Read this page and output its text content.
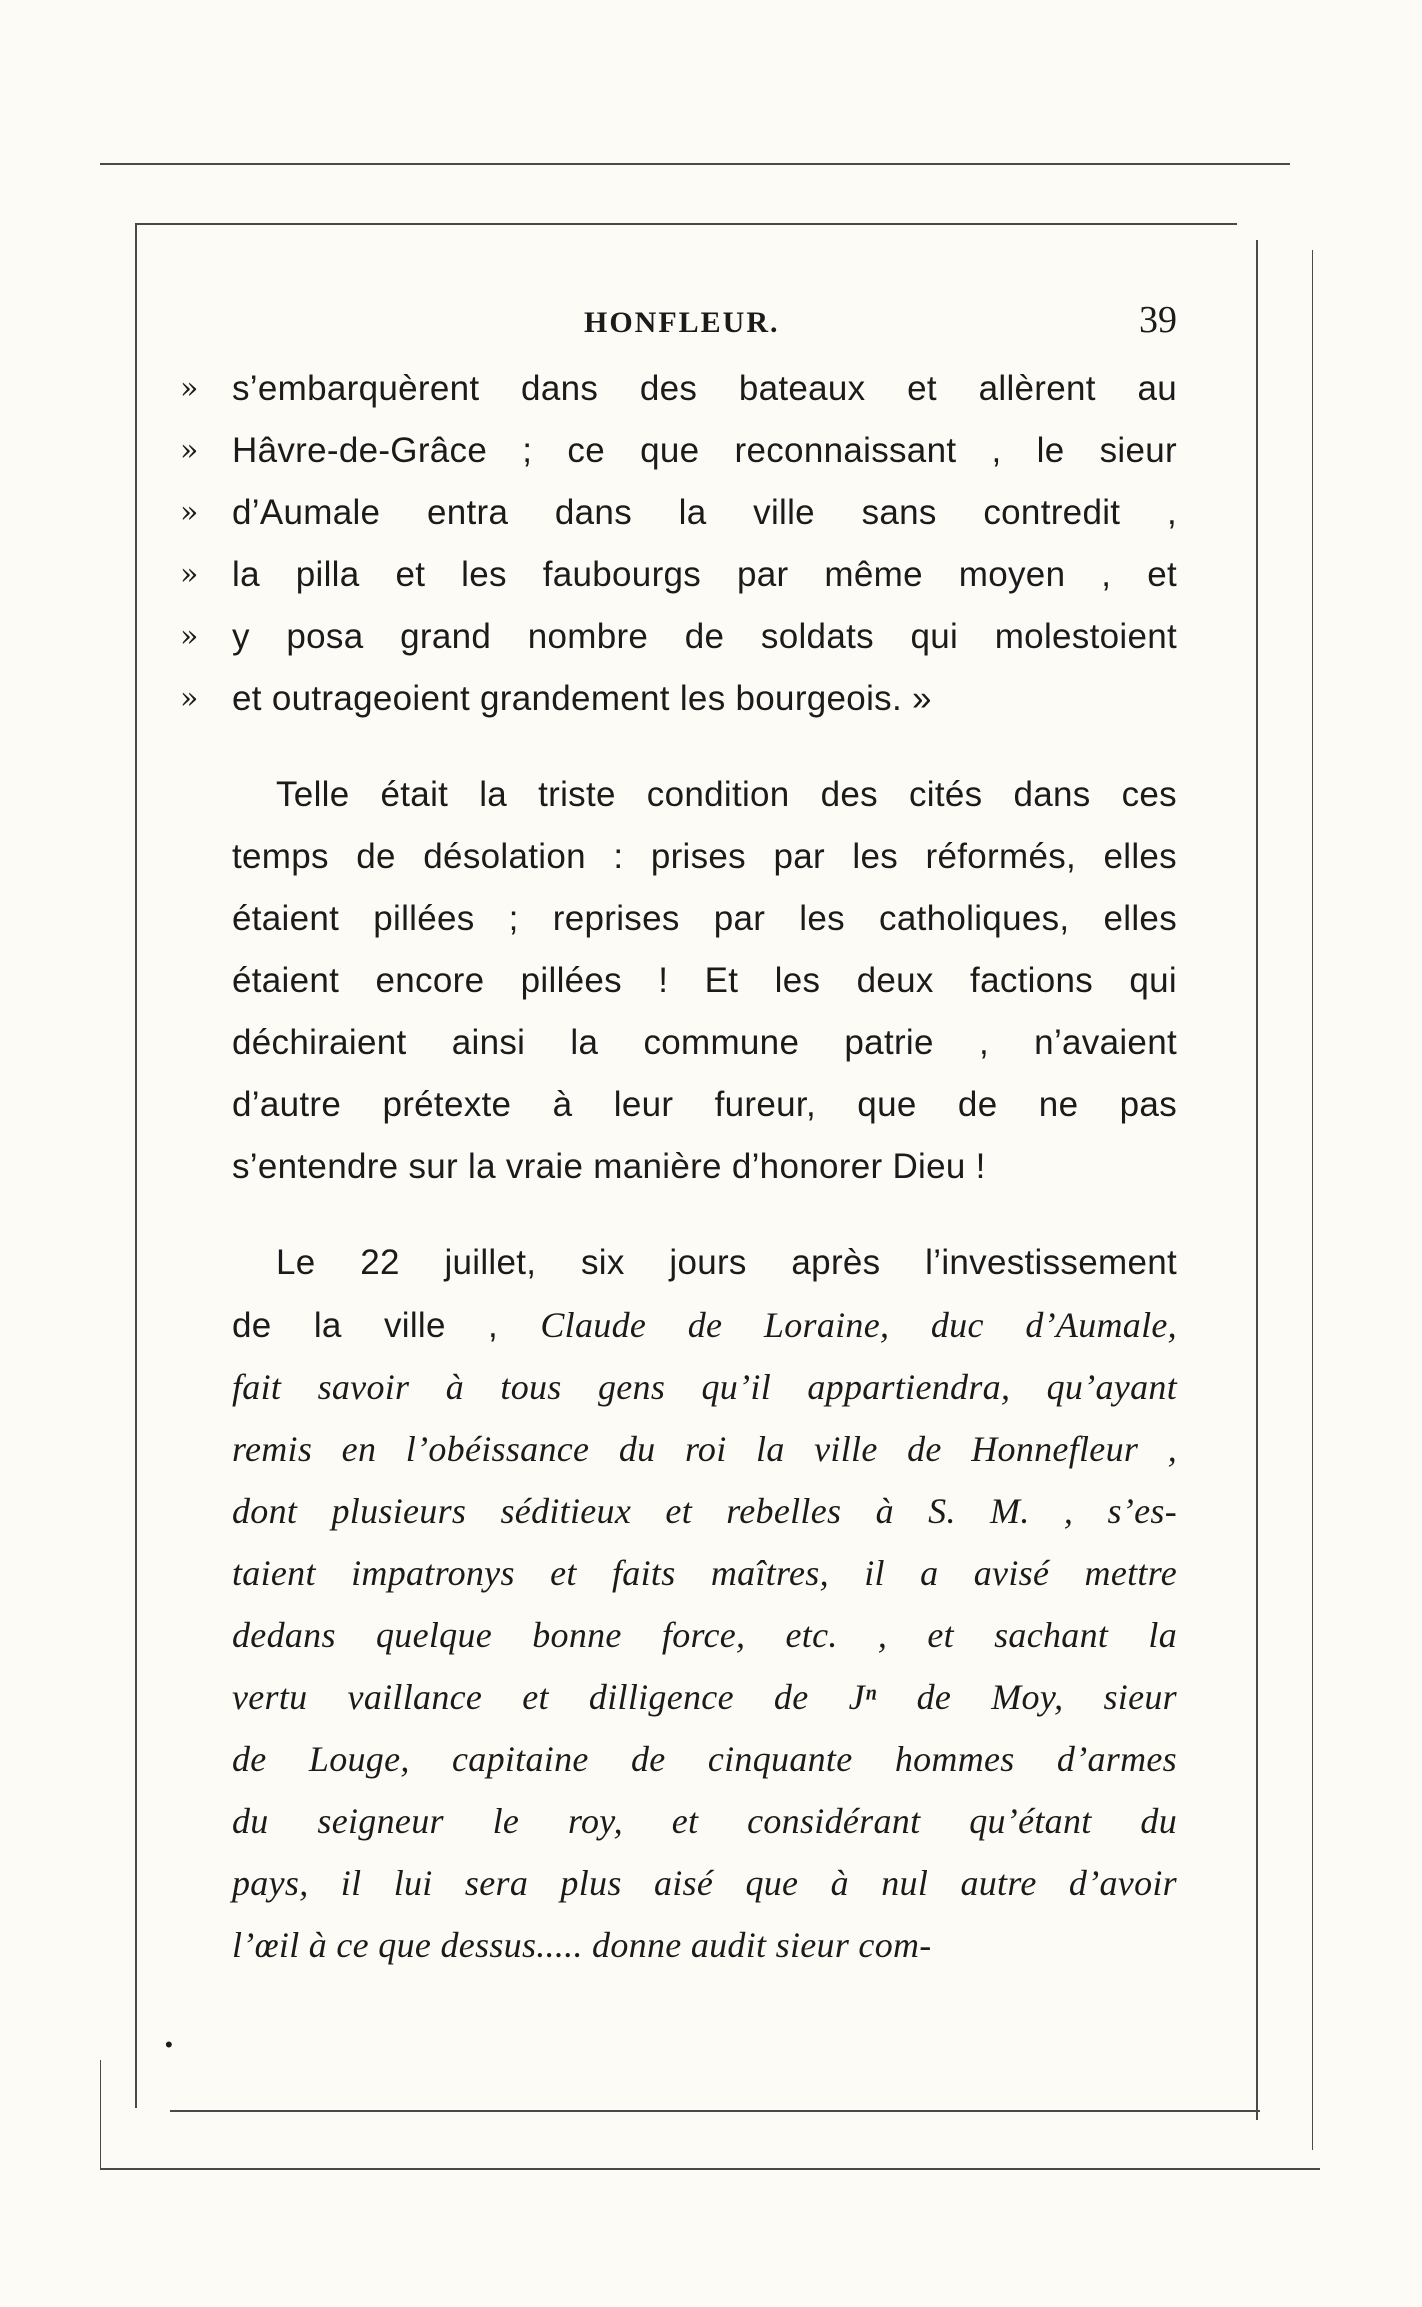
HONFLEUR.	39
» s’embarquèrent dans des bateaux et allèrent au
» Hâvre-de-Grâce ; ce que reconnaissant , le sieur
» d’Aumale entra dans la ville sans contredit ,
» la pilla et les faubourgs par même moyen , et
» y posa grand nombre de soldats qui molestoient
» et outrageoient grandement les bourgeois. »
Telle était la triste condition des cités dans ces
temps de désolation : prises par les réformés, elles
étaient pillées ; reprises par les catholiques, elles
étaient encore pillées ! Et les deux factions qui
déchiraient ainsi la commune patrie , n’avaient
d’autre prétexte à leur fureur, que de ne pas
s’entendre sur la vraie manière d’honorer Dieu !
Le 22 juillet, six jours après l’investissement
de la ville , Claude de Loraine, duc d’Aumale,
fait savoir à tous gens qu’il appartiendra, qu’ayant
remis en l’obéissance du roi la ville de Honnefleur ,
dont plusieurs séditieux et rebelles à S. M. , s’es-
taient impatronys et faits maîtres, il a avisé mettre
dedans quelque bonne force, etc. , et sachant la
vertu vaillance et dilligence de Jⁿ de Moy, sieur
de Louge, capitaine de cinquante hommes d’armes
du seigneur le roy, et considérant qu’étant du
pays, il lui sera plus aisé que à nul autre d’avoir
l’œil à ce que dessus..... donne audit sieur com-
•
